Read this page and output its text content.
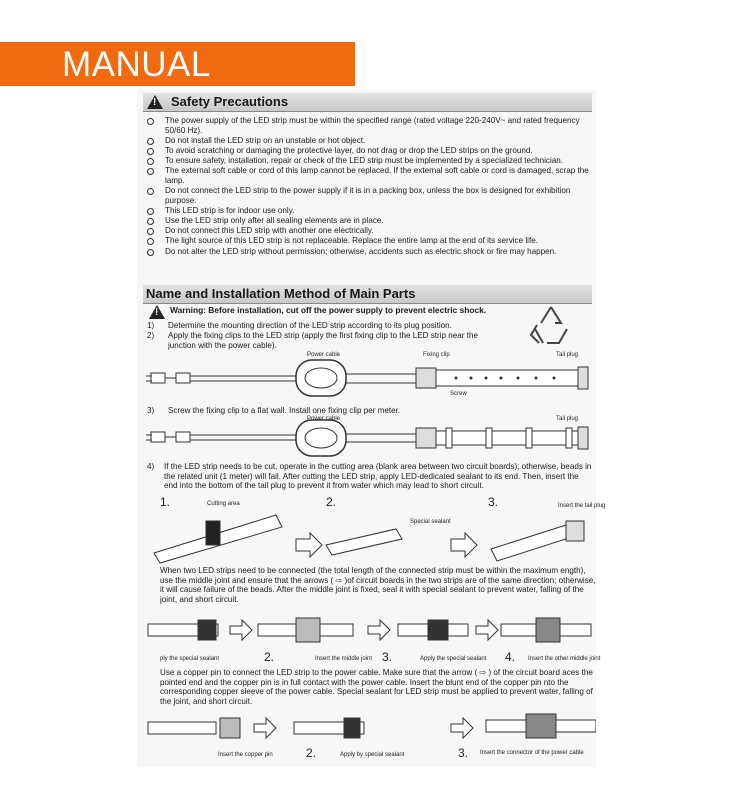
MANUAL
!
Safety Precautions
The power supply of the LED strip must be within the specified range (rated voltage 220-240V~ and rated frequency 50/60 Hz).
Do not install the LED strip on an unstable or hot object.
To avoid scratching or damaging the protective layer, do not drag or drop the LED strips on the ground.
To ensure safety, installation, repair or check of the LED strip must be implemented by a specialized technician.
The external soft cable or cord of this lamp cannot be replaced. If the external soft cable or cord is damaged, scrap the lamp.
Do not connect the LED strip to the power supply if it is in a packing box, unless the box is designed for exhibition purpose.
This LED strip is for indoor use only.
Use the LED strip only after all sealing elements are in place.
Do not connect this LED strip with another one electrically.
The light source of this LED strip is not replaceable. Replace the entire lamp at the end of its service life.
Do not alter the LED strip without permission; otherwise, accidents such as electric shock or fire may happen.
Name and Installation Method of Main Parts
!
Warning: Before installation, cut off the power supply to prevent electric shock.
1) Determine the mounting direction of the LED strip according to its plug position.
2) Apply the fixing clips to the LED strip (apply the first fixing clip to the LED strip near the junction with the power cable).
Power cable	Fixing clip	Tail plug
Screw
3) Screw the fixing clip to a flat wall. Install one fixing clip per meter.
Power cable	Tail plug
4) If the LED strip needs to be cut, operate in the cutting area (blank area between two circuit boards); otherwise, beads in the related unit (1 meter) will fail. After cutting the LED strip, apply LED-dedicated sealant to its end. Then, insert the end into the bottom of the tail plug to prevent it from water which may lead to short circuit.
1.	2.	3.
Cutting area
Special sealant
Insert the tail plug
When two LED strips need to be connected (the total length of the connected strip must be within the maximum ength), use the middle joint and ensure that the arrows ( ⇨ )of circuit boards in the two strips are of the same direction; otherwise, it will cause failure of the beads. After the middle joint is fixed, seal it with special sealant to prevent water, falling of the joint, and short circuit.
ply the special sealant	2.	Insert the middle joint 3.	Apply the special sealant 4. Insert the other middle joint
Use a copper pin to connect the LED strip to the power cable. Make sure that the arrow ( ⇨ ) of the circuit board aces the pointed end and the copper pin is in full contact with the power cable. Insert the blunt end of the copper pin nto the corresponding copper sleeve of the power cable. Special sealant for LED strip must be applied to prevent water, falling of the joint, and short circuit.
Insert the copper pin	2.	Apply by special sealant	3. Insert the connector of the power cable
